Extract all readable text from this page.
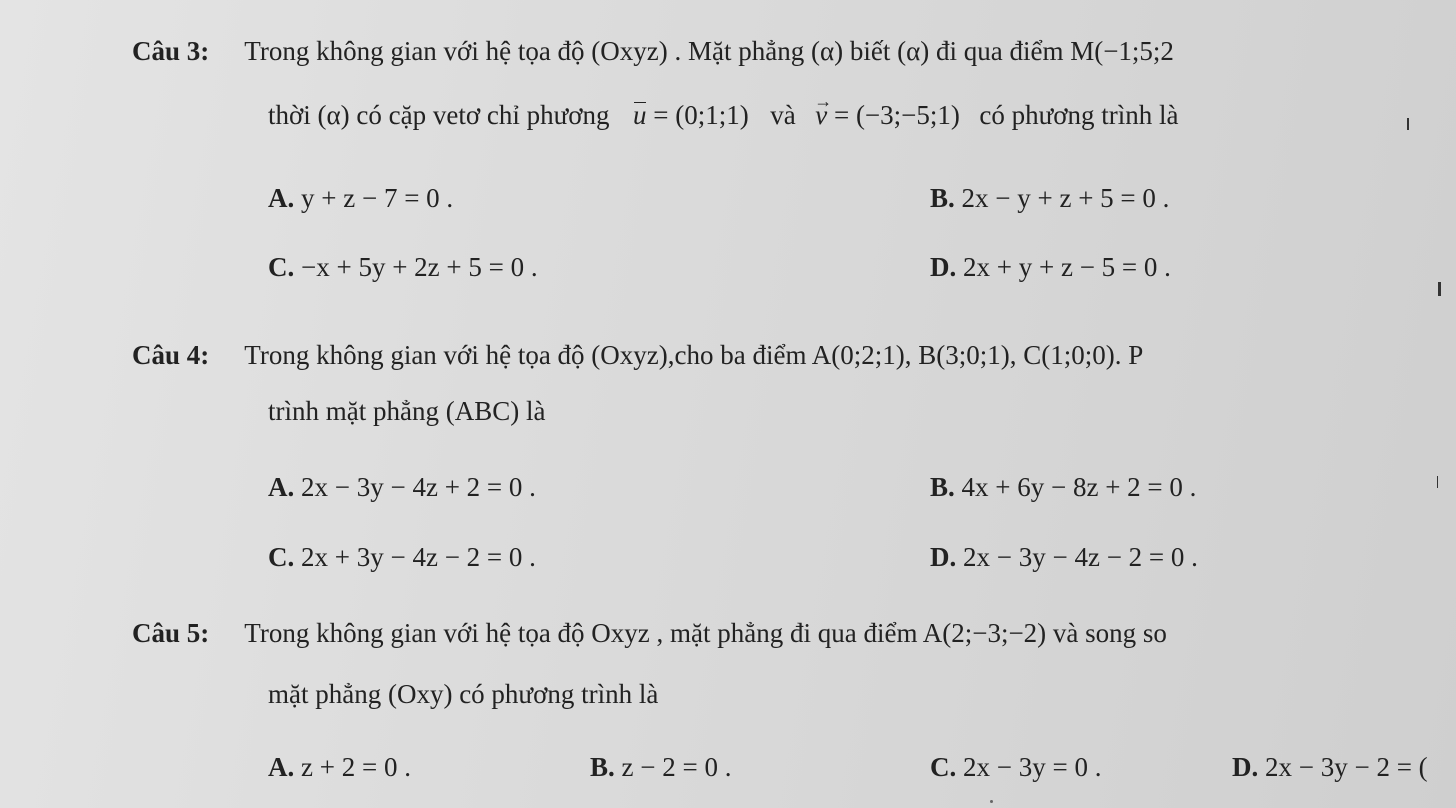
Câu 3: Trong không gian với hệ tọa độ (Oxyz) . Mặt phẳng (α) biết (α) đi qua điểm M(−1;5;2
thời (α) có cặp vetơ chỉ phương u = (0;1;1) và  → v = (−3;−5;1) có phương trình là
A. y + z − 7 = 0 .	B. 2x − y + z + 5 = 0 .
C. −x + 5y + 2z + 5 = 0 .	D. 2x + y + z − 5 = 0 .
Câu 4: Trong không gian với hệ tọa độ (Oxyz),cho ba điểm A(0;2;1), B(3;0;1), C(1;0;0). P
trình mặt phẳng (ABC) là
A. 2x − 3y − 4z + 2 = 0 .	B. 4x + 6y − 8z + 2 = 0 .
C. 2x + 3y − 4z − 2 = 0 .	D. 2x − 3y − 4z − 2 = 0 .
Câu 5: Trong không gian với hệ tọa độ Oxyz , mặt phẳng đi qua điểm A(2;−3;−2) và song so
mặt phẳng (Oxy) có phương trình là
A. z + 2 = 0 .	B. z − 2 = 0 .	C. 2x − 3y = 0 .	D. 2x − 3y − 2 = (
